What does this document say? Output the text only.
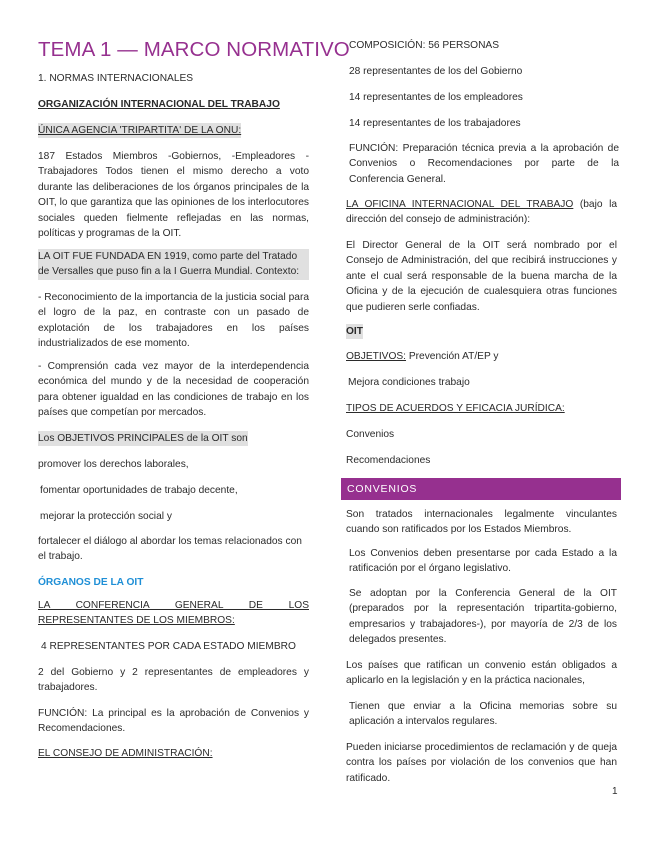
TEMA 1 — MARCO NORMATIVO

1. NORMAS INTERNACIONALES

ORGANIZACIÓN INTERNACIONAL DEL TRABAJO

ÚNICA AGENCIA 'TRIPARTITA' DE LA ONU:

187 Estados Miembros -Gobiernos, -Empleadores - Trabajadores Todos tienen el mismo derecho a voto durante las deliberaciones de los órganos principales de la OIT, lo que garantiza que las opiniones de los interlocutores sociales queden fielmente reflejadas en las normas, políticas y programas de la OIT.

LA OIT FUE FUNDADA EN 1919, como parte del Tratado de Versalles que puso fin a la I Guerra Mundial. Contexto:

- Reconocimiento de la importancia de la justicia social para el logro de la paz, en contraste con un pasado de explotación de los trabajadores en los países industrializados de ese momento.

- Comprensión cada vez mayor de la interdependencia económica del mundo y de la necesidad de cooperación para obtener igualdad en las condiciones de trabajo en los países que competían por mercados.

Los OBJETIVOS PRINCIPALES de la OIT son

promover los derechos laborales,

fomentar oportunidades de trabajo decente,

mejorar la protección social y

fortalecer el diálogo al abordar los temas relacionados con el trabajo.

ÓRGANOS DE LA OIT

LA CONFERENCIA GENERAL DE LOS REPRESENTANTES DE LOS MIEMBROS:

4 REPRESENTANTES POR CADA ESTADO MIEMBRO

2 del Gobierno y 2 representantes de empleadores y trabajadores.

FUNCIÓN: La principal es la aprobación de Convenios y Recomendaciones.

EL CONSEJO DE ADMINISTRACIÓN:

COMPOSICIÓN: 56 PERSONAS

28 representantes de los del Gobierno

14 representantes de los empleadores

14 representantes de los trabajadores

FUNCIÓN: Preparación técnica previa a la aprobación de Convenios o Recomendaciones por parte de la Conferencia General.

LA OFICINA INTERNACIONAL DEL TRABAJO (bajo la dirección del consejo de administración):

El Director General de la OIT será nombrado por el Consejo de Administración, del que recibirá instrucciones y ante el cual será responsable de la buena marcha de la Oficina y de la ejecución de cualesquiera otras funciones que pudieren serle confiadas.

OIT

OBJETIVOS: Prevención AT/EP y

Mejora condiciones trabajo

TIPOS DE ACUERDOS Y EFICACIA JURÍDICA:

Convenios

Recomendaciones

CONVENIOS

Son tratados internacionales legalmente vinculantes cuando son ratificados por los Estados Miembros.

Los Convenios deben presentarse por cada Estado a la ratificación por el órgano legislativo.

Se adoptan por la Conferencia General de la OIT (preparados por la representación tripartita-gobierno, empresarios y trabajadores-), por mayoría de 2/3 de los delegados presentes.

Los países que ratifican un convenio están obligados a aplicarlo en la legislación y en la práctica nacionales,

Tienen que enviar a la Oficina memorias sobre su aplicación a intervalos regulares.

Pueden iniciarse procedimientos de reclamación y de queja contra los países por violación de los convenios que han ratificado.

1
